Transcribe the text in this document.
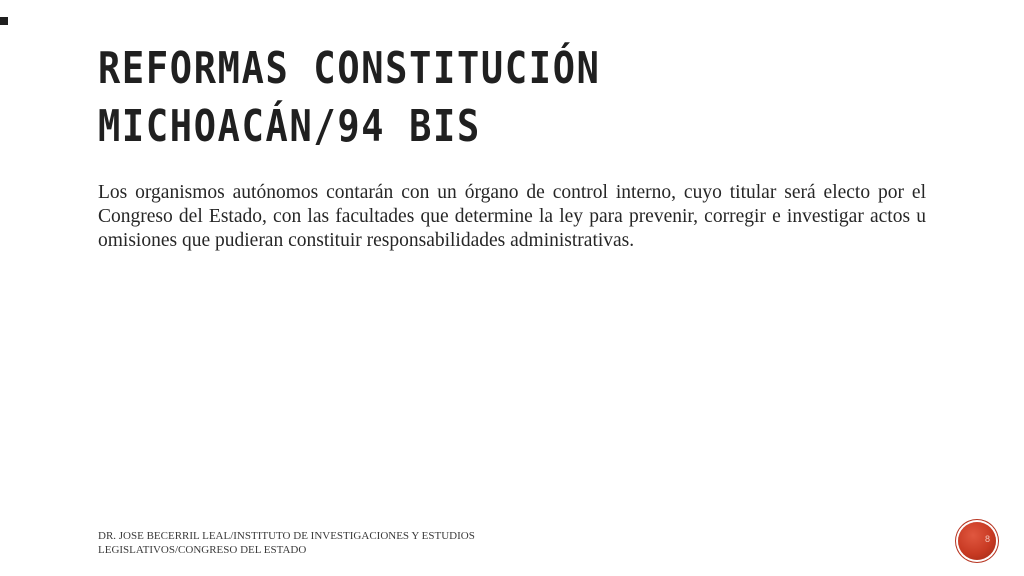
REFORMAS CONSTITUCIÓN MICHOACÁN/94 BIS

Los organismos autónomos contarán con un órgano de control interno, cuyo titular será electo por el Congreso del Estado, con las facultades que determine la ley para prevenir, corregir e investigar actos u omisiones que pudieran constituir responsabilidades administrativas.

DR. JOSE BECERRIL LEAL/INSTITUTO DE INVESTIGACIONES Y ESTUDIOS LEGISLATIVOS/CONGRESO DEL ESTADO

8
